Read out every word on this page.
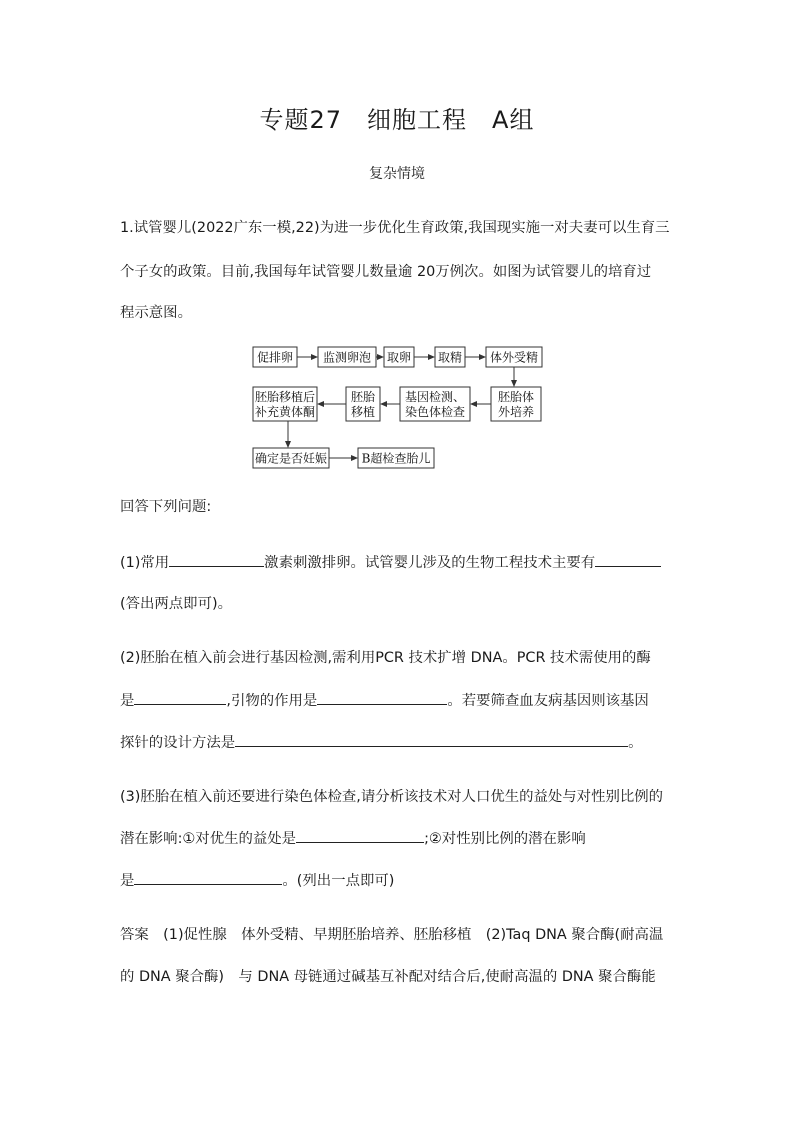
专题27　细胞工程　A组
复杂情境
1.试管婴儿(2022广东一模,22)为进一步优化生育政策,我国现实施一对夫妻可以生育三
个子女的政策。目前,我国每年试管婴儿数量逾 20万例次。如图为试管婴儿的培育过
程示意图。
促排卵 监测卵泡 取卵 取精 体外受精
胚胎体
外培养
基因检测、
染色体检查
胚胎
移植
胚胎移植后
补充黄体酮
确定是否妊娠	B超检查胎儿
回答下列问题:
(1)常用	激素刺激排卵。试管婴儿涉及的生物工程技术主要有
(答出两点即可)。
(2)胚胎在植入前会进行基因检测,需利用PCR 技术扩增 DNA。PCR 技术需使用的酶
是	,引物的作用是	。若要筛查血友病基因则该基因
探针的设计方法是	。
(3)胚胎在植入前还要进行染色体检查,请分析该技术对人口优生的益处与对性别比例的
潜在影响:①对优生的益处是	;②对性别比例的潜在影响
是	。(列出一点即可)
答案　(1)促性腺　体外受精、早期胚胎培养、胚胎移植　(2)Taq DNA 聚合酶(耐高温
的 DNA 聚合酶)　与 DNA 母链通过碱基互补配对结合后,使耐高温的 DNA 聚合酶能
